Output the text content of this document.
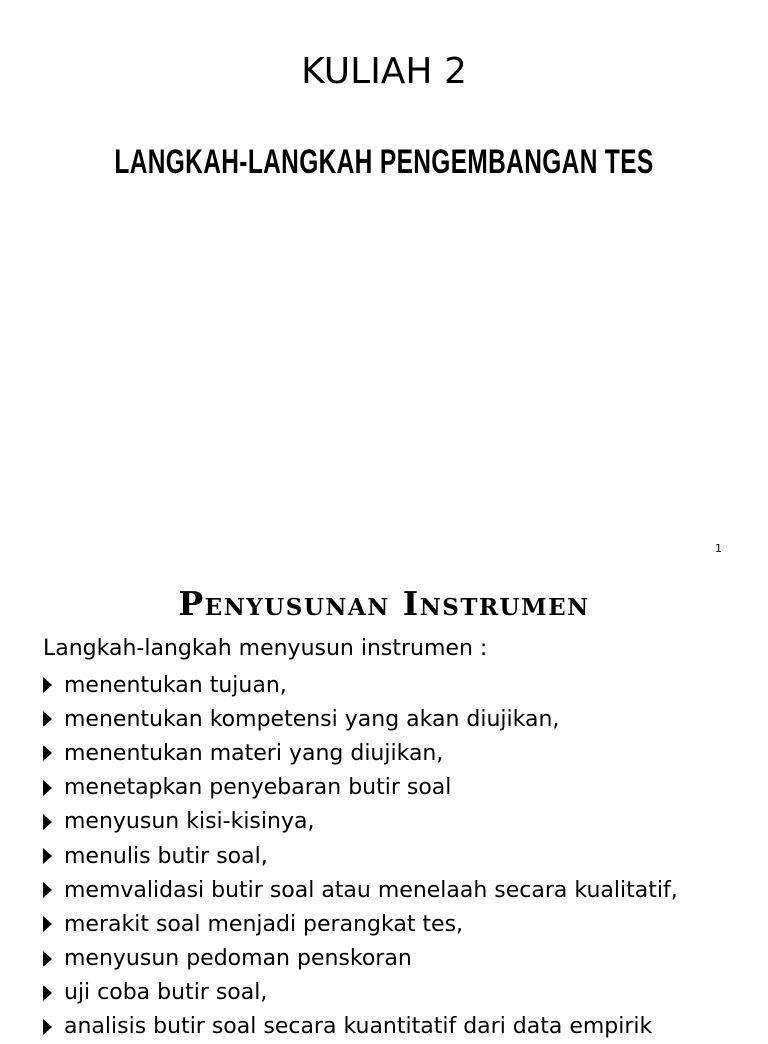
KULIAH 2
LANGKAH-LANGKAH PENGEMBANGAN TES
1
Penyusunan Instrumen

Langkah-langkah menyusun instrumen :

menentukan tujuan,
menentukan kompetensi yang akan diujikan,
menentukan materi yang diujikan,
menetapkan penyebaran butir soal
menyusun kisi-kisinya,
menulis butir soal,
memvalidasi butir soal atau menelaah secara kualitatif,
merakit soal menjadi perangkat tes,
menyusun pedoman penskoran
uji coba butir soal,
analisis butir soal secara kuantitatif dari data empirik
